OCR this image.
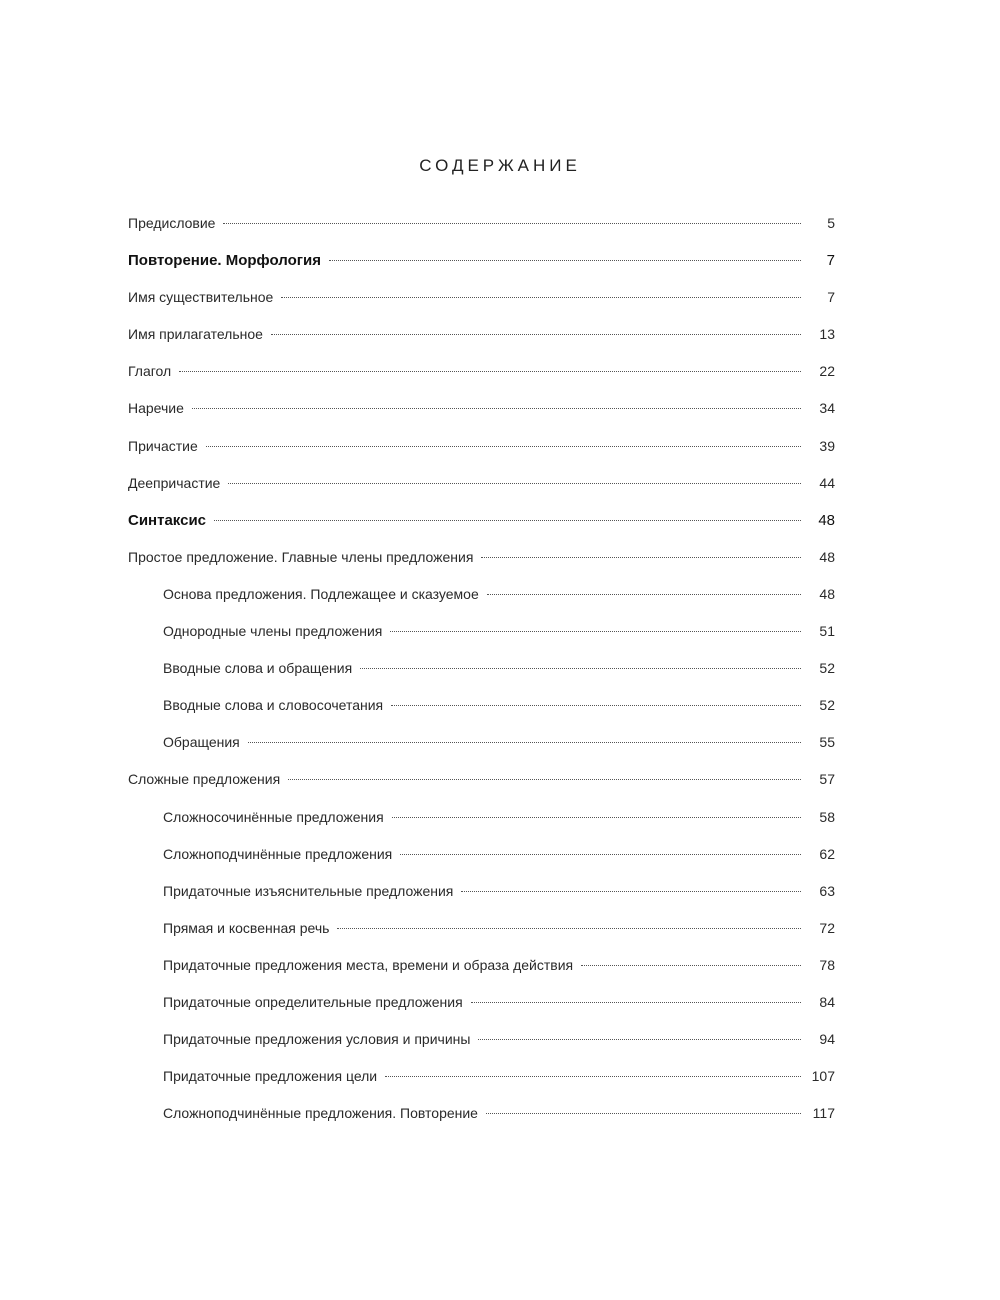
СОДЕРЖАНИЕ
Предисловие	5
Повторение. Морфология	7
Имя существительное	7
Имя прилагательное	13
Глагол	22
Наречие	34
Причастие	39
Деепричастие	44
Синтаксис	48
Простое предложение. Главные члены предложения	48
Основа предложения. Подлежащее и сказуемое	48
Однородные члены предложения	51
Вводные слова и обращения	52
Вводные слова и словосочетания	52
Обращения	55
Сложные предложения	57
Сложносочинённые предложения	58
Сложноподчинённые предложения	62
Придаточные изъяснительные предложения	63
Прямая и косвенная речь	72
Придаточные предложения места, времени и образа действия	78
Придаточные определительные предложения	84
Придаточные предложения условия и причины	94
Придаточные предложения цели	107
Сложноподчинённые предложения. Повторение	117
